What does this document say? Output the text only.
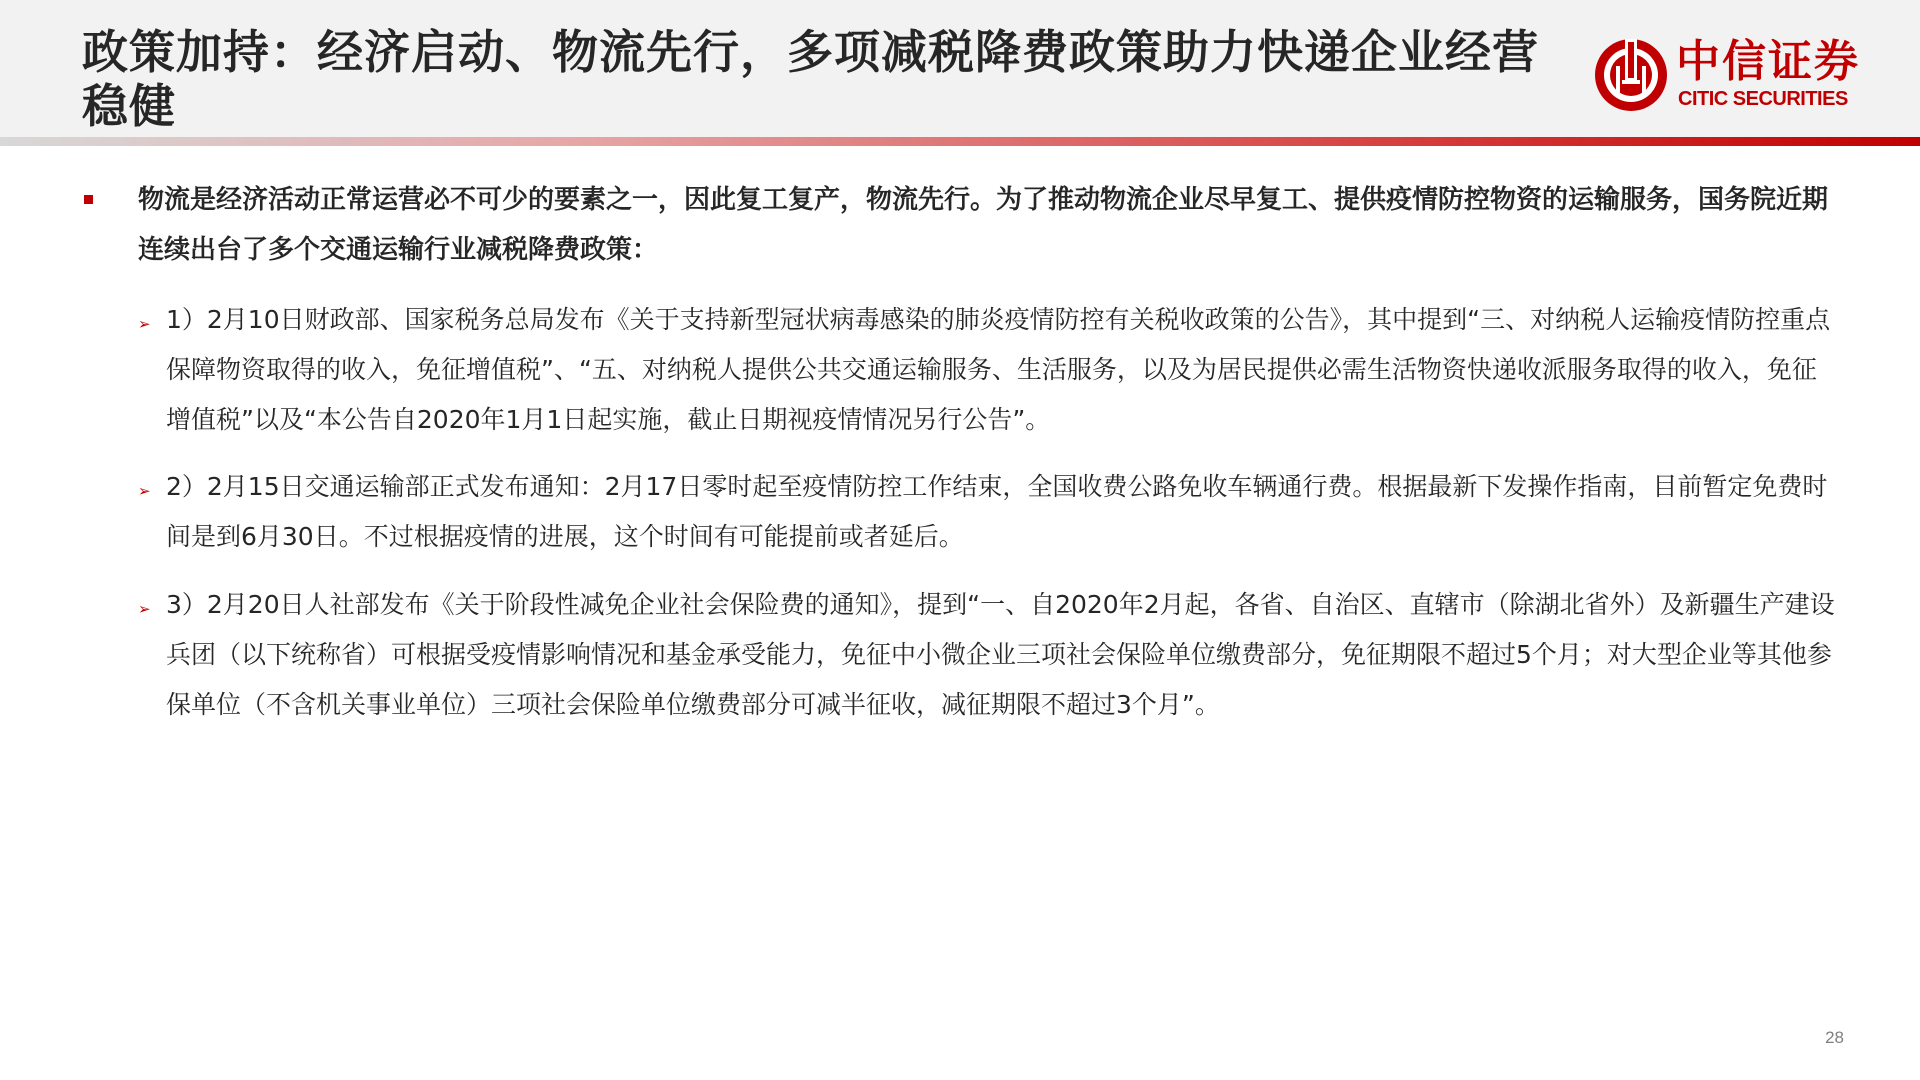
政策加持：经济启动、物流先行，多项减税降费政策助力快递企业经营稳健
中信证券
CITIC SECURITIES
物流是经济活动正常运营必不可少的要素之一，因此复工复产，物流先行。为了推动物流企业尽早复工、提供疫情防控物资的运输服务，国务院近期连续出台了多个交通运输行业减税降费政策：
➢ 1）2月10日财政部、国家税务总局发布《关于支持新型冠状病毒感染的肺炎疫情防控有关税收政策的公告》，其中提到“三、对纳税人运输疫情防控重点保障物资取得的收入，免征增值税”、“五、对纳税人提供公共交通运输服务、生活服务，以及为居民提供必需生活物资快递收派服务取得的收入，免征增值税”以及“本公告自2020年1月1日起实施，截止日期视疫情情况另行公告”。
➢ 2）2月15日交通运输部正式发布通知：2月17日零时起至疫情防控工作结束，全国收费公路免收车辆通行费。根据最新下发操作指南，目前暂定免费时间是到6月30日。不过根据疫情的进展，这个时间有可能提前或者延后。
➢ 3）2月20日人社部发布《关于阶段性减免企业社会保险费的通知》，提到“一、自2020年2月起，各省、自治区、直辖市（除湖北省外）及新疆生产建设兵团（以下统称省）可根据受疫情影响情况和基金承受能力，免征中小微企业三项社会保险单位缴费部分，免征期限不超过5个月；对大型企业等其他参保单位（不含机关事业单位）三项社会保险单位缴费部分可减半征收，减征期限不超过3个月”。
28
